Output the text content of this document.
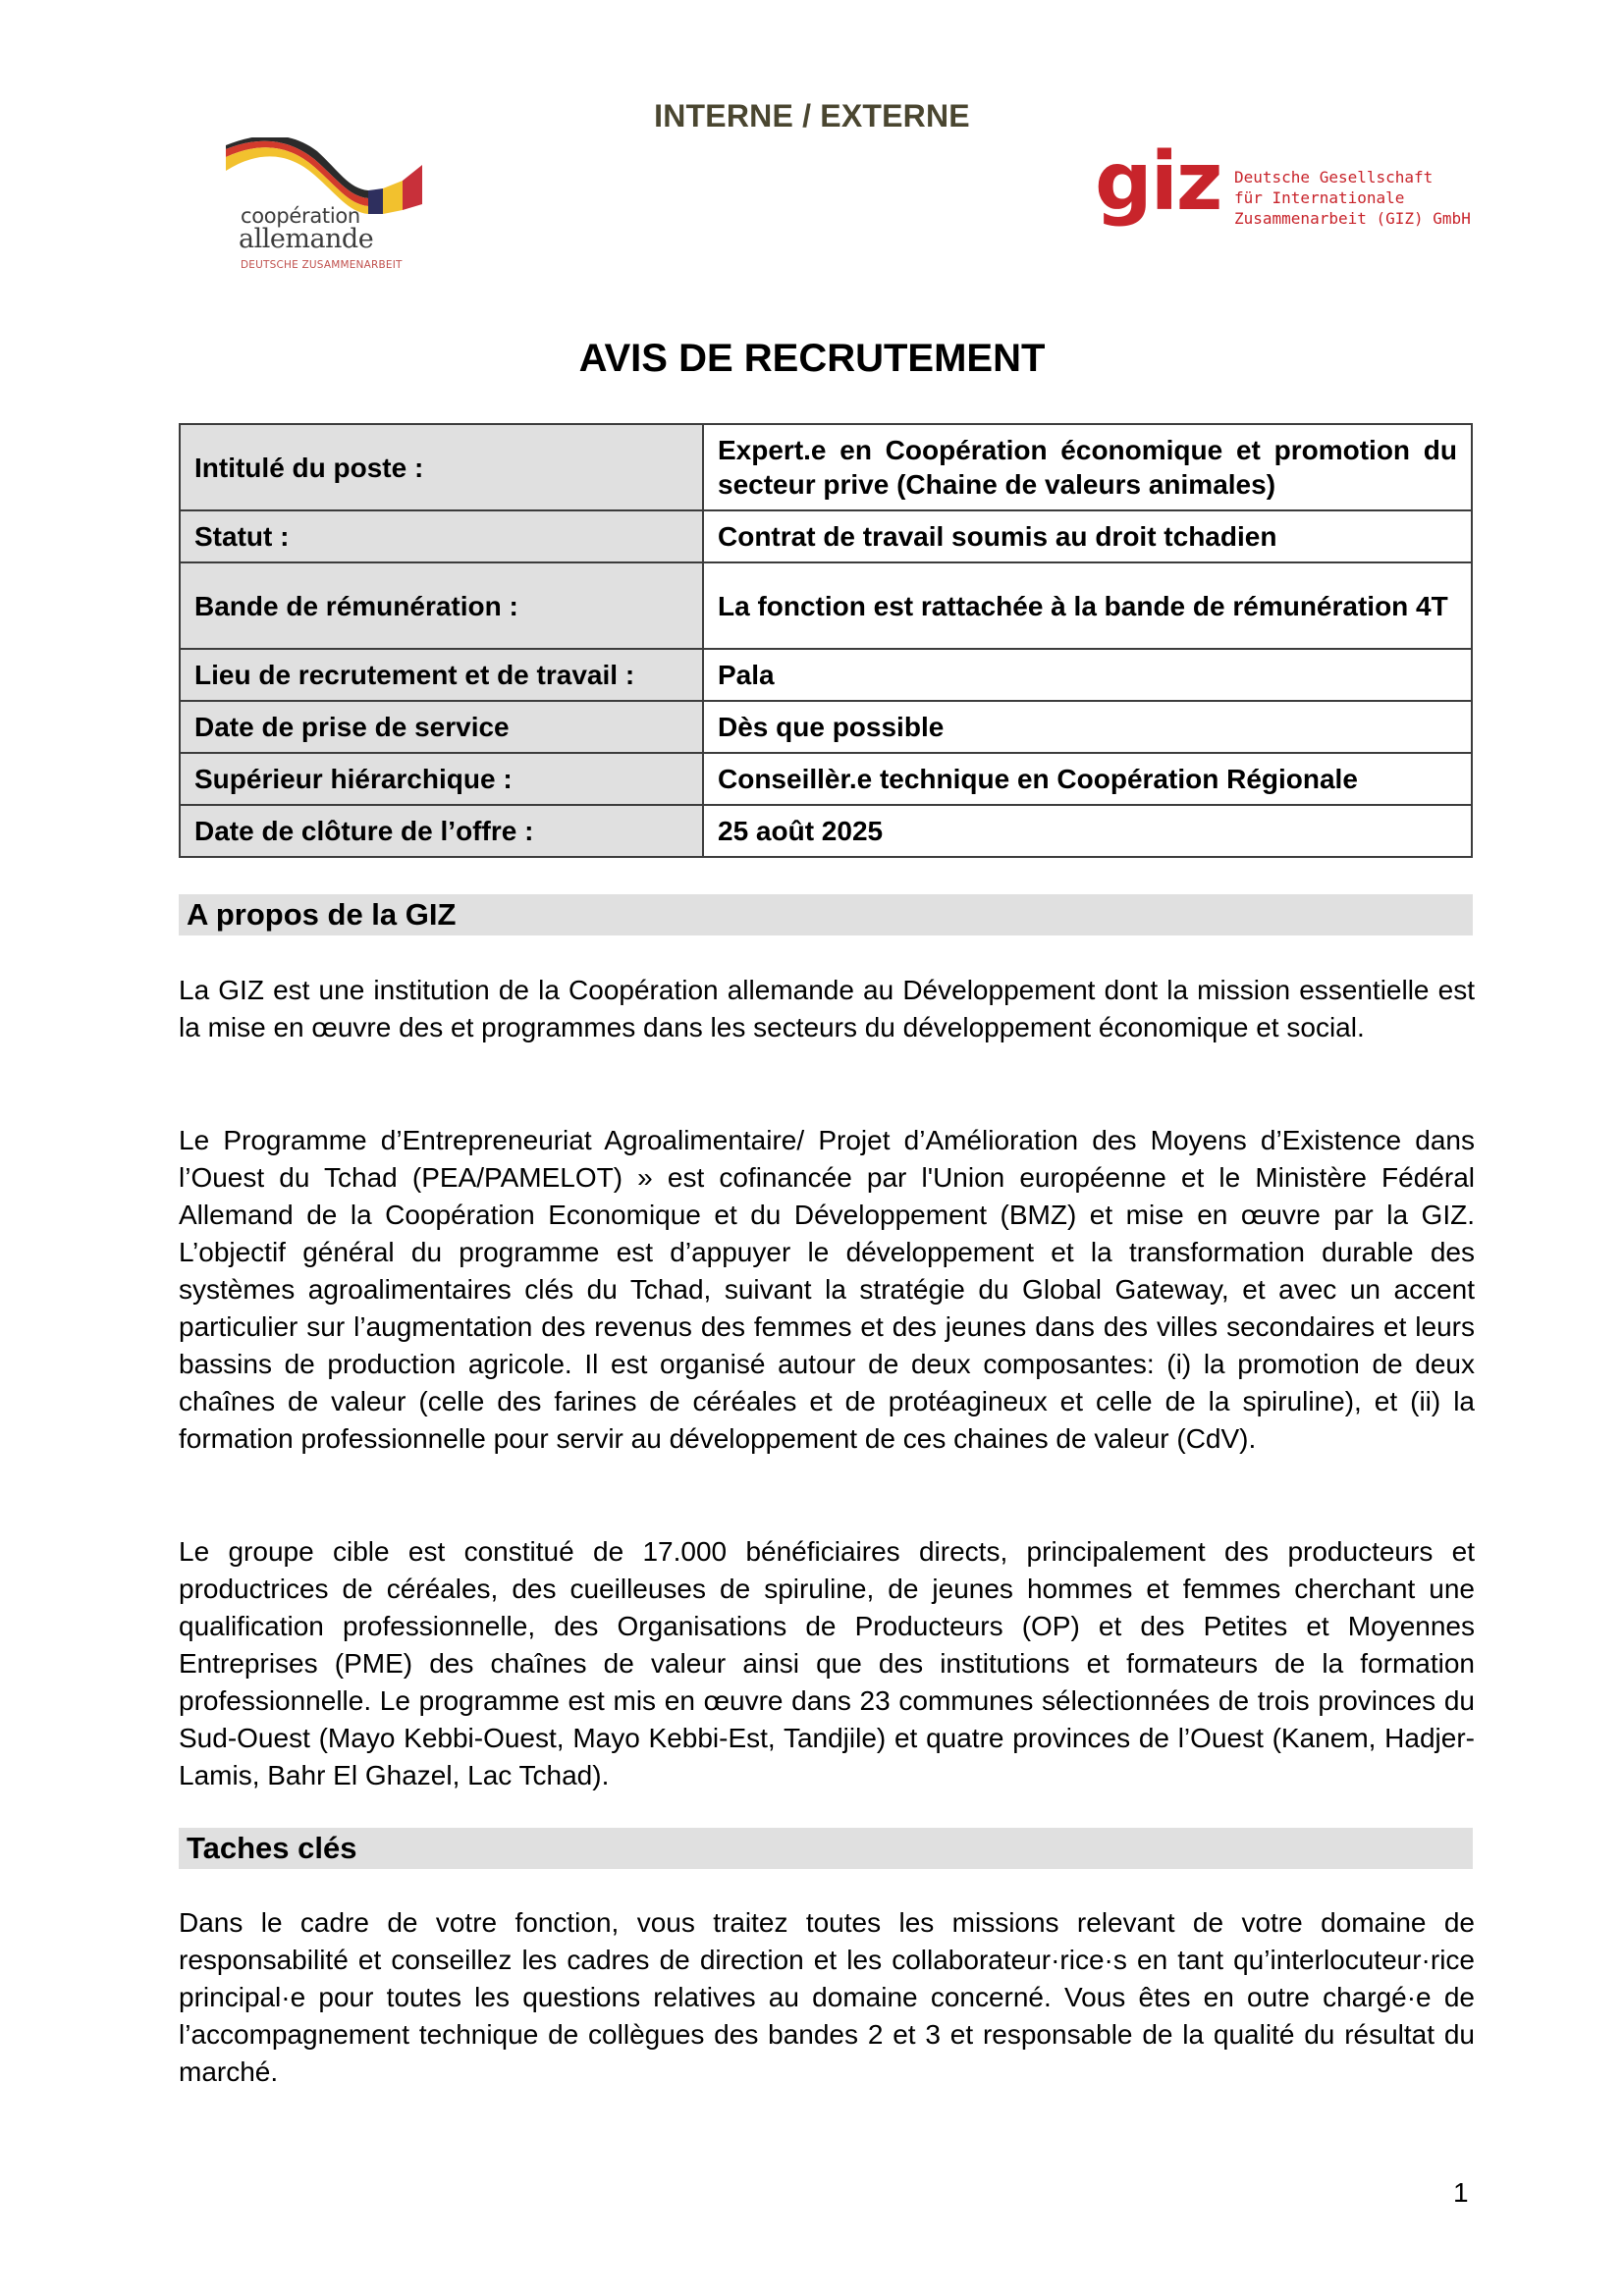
INTERNE / EXTERNE
coopération
allemande
DEUTSCHE ZUSAMMENARBEIT
giz Deutsche Gesellschaft
für Internationale
Zusammenarbeit (GIZ) GmbH
AVIS DE RECRUTEMENT
Intitulé du poste :	Expert.e en Coopération économique et promotion du secteur prive (Chaine de valeurs animales)
Statut :	Contrat de travail soumis au droit tchadien
Bande de rémunération :	La fonction est rattachée à la bande de rémunération 4T
Lieu de recrutement et de travail :	Pala
Date de prise de service	Dès que possible
Supérieur hiérarchique :	Conseillèr.e technique en Coopération Régionale
Date de clôture de l’offre :	25 août 2025
A propos de la GIZ

La GIZ est une institution de la Coopération allemande au Développement dont la mission essentielle est la mise en œuvre des et programmes dans les secteurs du développement économique et social.

Le Programme d’Entrepreneuriat Agroalimentaire/ Projet d’Amélioration des Moyens d’Existence dans l’Ouest du Tchad (PEA/PAMELOT) » est cofinancée par l'Union européenne et le Ministère Fédéral Allemand de la Coopération Economique et du Développement (BMZ) et mise en œuvre par la GIZ. L’objectif général du programme est d’appuyer le développement et la transformation durable des systèmes agroalimentaires clés du Tchad, suivant la stratégie du Global Gateway, et avec un accent particulier sur l’augmentation des revenus des femmes et des jeunes dans des villes secondaires et leurs bassins de production agricole. Il est organisé autour de deux composantes: (i) la promotion de deux chaînes de valeur (celle des farines de céréales et de protéagineux et celle de la spiruline), et (ii) la formation professionnelle pour servir au développement de ces chaines de valeur (CdV).

Le groupe cible est constitué de 17.000 bénéficiaires directs, principalement des producteurs et productrices de céréales, des cueilleuses de spiruline, de jeunes hommes et femmes cherchant une qualification professionnelle, des Organisations de Producteurs (OP) et des Petites et Moyennes Entreprises (PME) des chaînes de valeur ainsi que des institutions et formateurs de la formation professionnelle. Le programme est mis en œuvre dans 23 communes sélectionnées de trois provinces du Sud-Ouest (Mayo Kebbi-Ouest, Mayo Kebbi-Est, Tandjile) et quatre provinces de l’Ouest (Kanem, Hadjer-Lamis, Bahr El Ghazel, Lac Tchad).

Taches clés

Dans le cadre de votre fonction, vous traitez toutes les missions relevant de votre domaine de responsabilité et conseillez les cadres de direction et les collaborateur·rice·s en tant qu’interlocuteur·rice principal·e pour toutes les questions relatives au domaine concerné. Vous êtes en outre chargé·e de l’accompagnement technique de collègues des bandes 2 et 3 et responsable de la qualité du résultat du marché.

1
